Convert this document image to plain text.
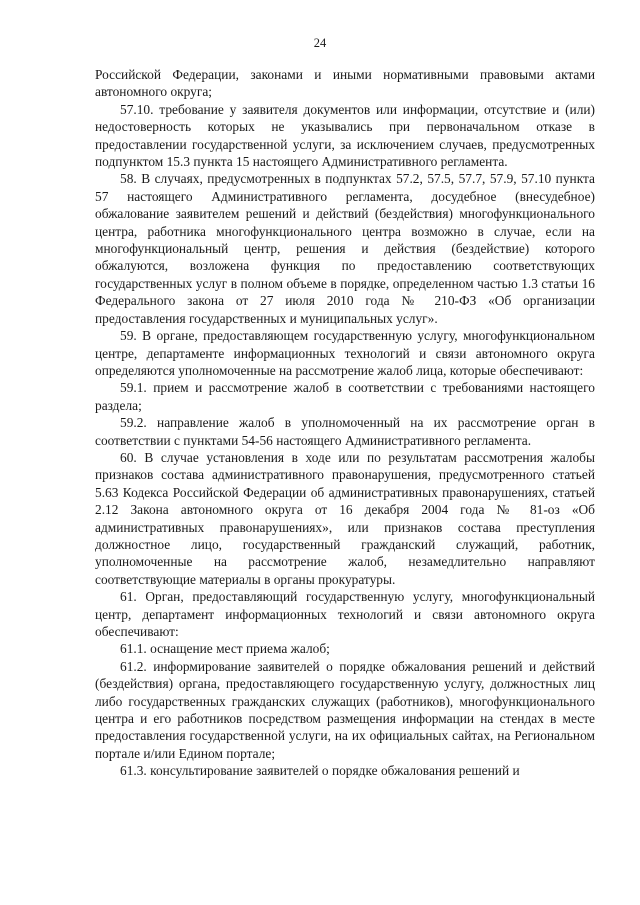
24

Российской Федерации, законами и иными нормативными правовыми актами автономного округа;

57.10. требование у заявителя документов или информации, отсутствие и (или) недостоверность которых не указывались при первоначальном отказе в предоставлении государственной услуги, за исключением случаев, предусмотренных подпунктом 15.3 пункта 15 настоящего Административного регламента.

58. В случаях, предусмотренных в подпунктах 57.2, 57.5, 57.7, 57.9, 57.10 пункта 57 настоящего Административного регламента, досудебное (внесудебное) обжалование заявителем решений и действий (бездействия) многофункционального центра, работника многофункционального центра возможно в случае, если на многофункциональный центр, решения и действия (бездействие) которого обжалуются, возложена функция по предоставлению соответствующих государственных услуг в полном объеме в порядке, определенном частью 1.3 статьи 16 Федерального закона от 27 июля 2010 года № 210-ФЗ «Об организации предоставления государственных и муниципальных услуг».

59. В органе, предоставляющем государственную услугу, многофункциональном центре, департаменте информационных технологий и связи автономного округа определяются уполномоченные на рассмотрение жалоб лица, которые обеспечивают:

59.1. прием и рассмотрение жалоб в соответствии с требованиями настоящего раздела;

59.2. направление жалоб в уполномоченный на их рассмотрение орган в соответствии с пунктами 54-56 настоящего Административного регламента.

60. В случае установления в ходе или по результатам рассмотрения жалобы признаков состава административного правонарушения, предусмотренного статьей 5.63 Кодекса Российской Федерации об административных правонарушениях, статьей 2.12 Закона автономного округа от 16 декабря 2004 года № 81-оз «Об административных правонарушениях», или признаков состава преступления должностное лицо, государственный гражданский служащий, работник, уполномоченные на рассмотрение жалоб, незамедлительно направляют соответствующие материалы в органы прокуратуры.

61. Орган, предоставляющий государственную услугу, многофункциональный центр, департамент информационных технологий и связи автономного округа обеспечивают:

61.1. оснащение мест приема жалоб;

61.2. информирование заявителей о порядке обжалования решений и действий (бездействия) органа, предоставляющего государственную услугу, должностных лиц либо государственных гражданских служащих (работников), многофункционального центра и его работников посредством размещения информации на стендах в месте предоставления государственной услуги, на их официальных сайтах, на Региональном портале и/или Едином портале;

61.3. консультирование заявителей о порядке обжалования решений и
